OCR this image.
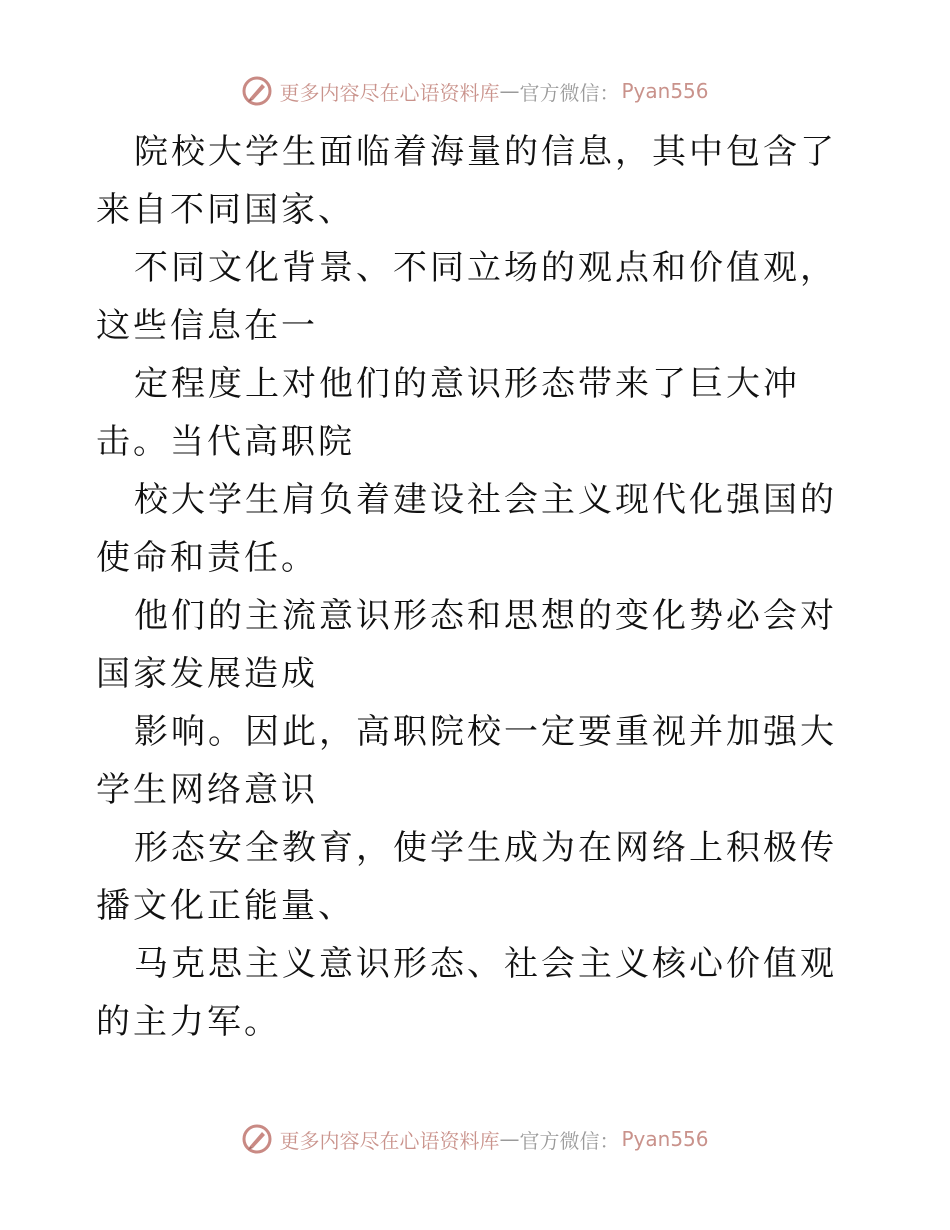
更多内容尽在心语资料库 — 官方微信： Pyan556

院校大学生面临着海量的信息，其中包含了来自不同国家、

不同文化背景、不同立场的观点和价值观，这些信息在一

定程度上对他们的意识形态带来了巨大冲击。当代高职院

校大学生肩负着建设社会主义现代化强国的使命和责任。

他们的主流意识形态和思想的变化势必会对国家发展造成

影响。因此，高职院校一定要重视并加强大学生网络意识

形态安全教育，使学生成为在网络上积极传播文化正能量、

马克思主义意识形态、社会主义核心价值观的主力军。

更多内容尽在心语资料库 — 官方微信： Pyan556
